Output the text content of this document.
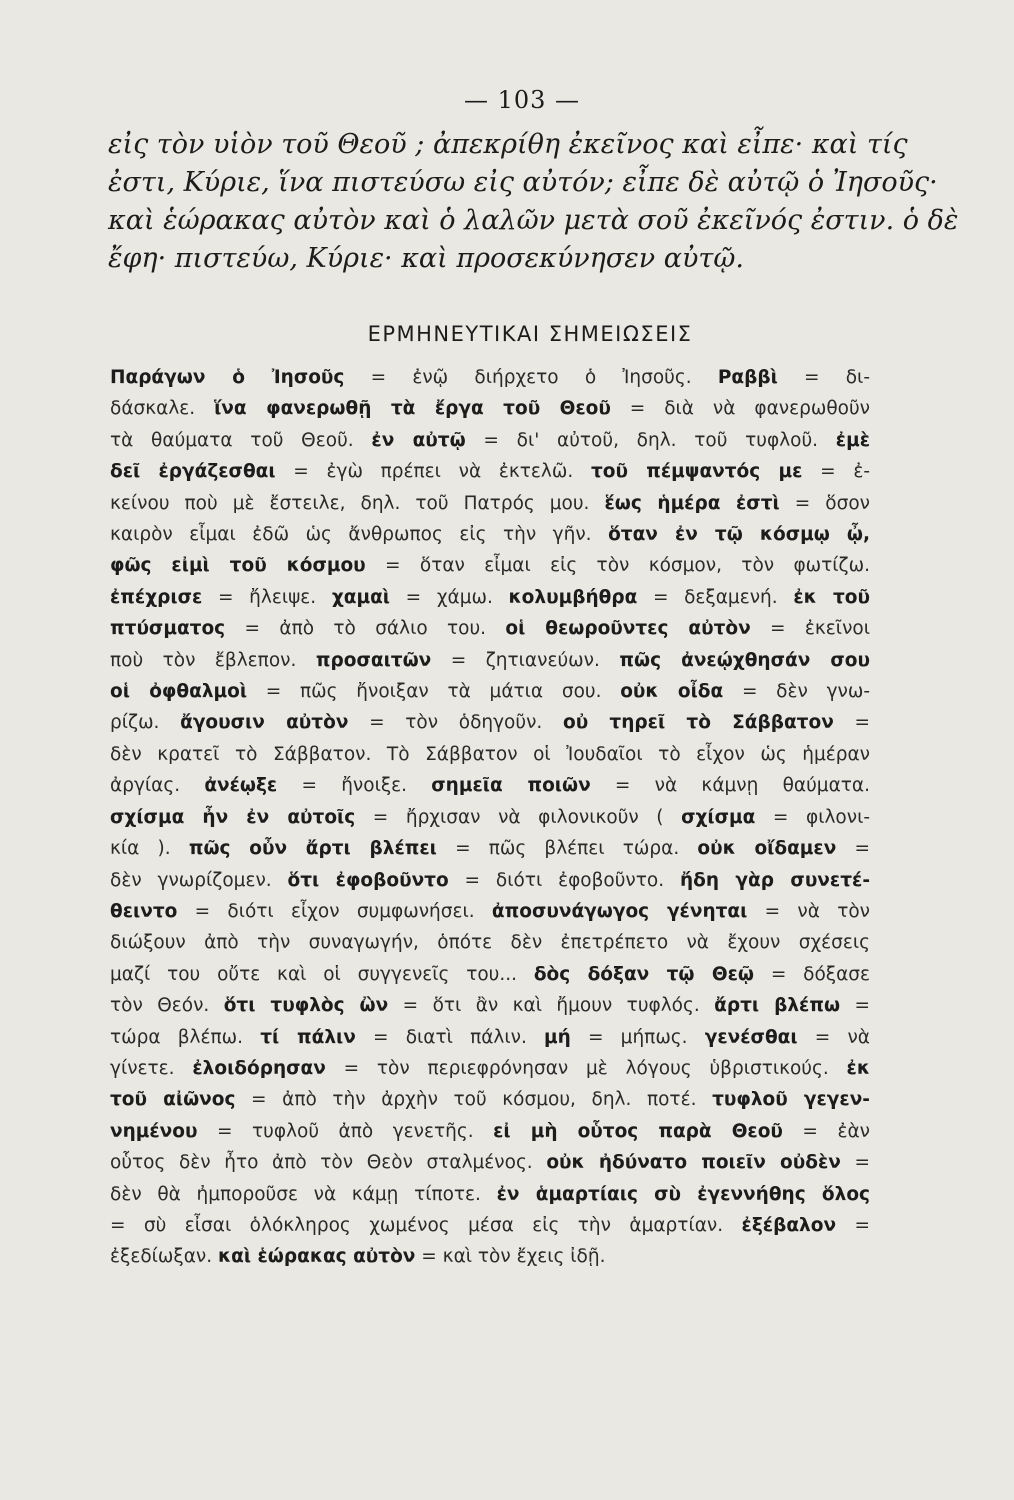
— 103 —

εἰς τὸν υἱὸν τοῦ Θεοῦ ; ἀπεκρίθη ἐκεῖνος καὶ εἶπε· καὶ τίς

ἐστι, Κύριε, ἵνα πιστεύσω εἰς αὐτόν; εἶπε δὲ αὐτῷ ὁ Ἰησοῦς·

καὶ ἑώρακας αὐτὸν καὶ ὁ λαλῶν μετὰ σοῦ ἐκεῖνός ἐστιν. ὁ δὲ

ἔφη· πιστεύω, Κύριε· καὶ προσεκύνησεν αὐτῷ.

ΕΡΜΗΝΕΥΤΙΚΑΙ ΣΗΜΕΙΩΣΕΙΣ

Παράγων ὁ Ἰησοῦς = ἐνῷ διήρχετο ὁ Ἰησοῦς. Ραββὶ = δι-

δάσκαλε. ἵνα φανερωθῇ τὰ ἔργα τοῦ Θεοῦ = διὰ νὰ φανερωθοῦν

τὰ θαύματα τοῦ Θεοῦ. ἐν αὐτῷ = δι' αὐτοῦ, δηλ. τοῦ τυφλοῦ. ἐμὲ

δεῖ ἐργάζεσθαι = ἐγὼ πρέπει νὰ ἐκτελῶ. τοῦ πέμψαντός με = ἐ-

κείνου ποὺ μὲ ἔστειλε, δηλ. τοῦ Πατρός μου. ἕως ἡμέρα ἐστὶ = ὅσον

καιρὸν εἶμαι ἐδῶ ὡς ἄνθρωπος εἰς τὴν γῆν. ὅταν ἐν τῷ κόσμῳ ᾦ,

φῶς εἰμὶ τοῦ κόσμου = ὅταν εἶμαι εἰς τὸν κόσμον, τὸν φωτίζω.

ἐπέχρισε = ἤλειψε. χαμαὶ = χάμω. κολυμβήθρα = δεξαμενή. ἐκ τοῦ

πτύσματος = ἀπὸ τὸ σάλιο του. οἱ θεωροῦντες αὐτὸν = ἐκεῖνοι

ποὺ τὸν ἔβλεπον. προσαιτῶν = ζητιανεύων. πῶς ἀνεῴχθησάν σου

οἱ ὀφθαλμοὶ = πῶς ἤνοιξαν τὰ μάτια σου. οὐκ οἶδα = δὲν γνω-

ρίζω. ἄγουσιν αὐτὸν = τὸν ὁδηγοῦν. οὐ τηρεῖ τὸ Σάββατον =

δὲν κρατεῖ τὸ Σάββατον. Τὸ Σάββατον οἱ Ἰουδαῖοι τὸ εἶχον ὡς ἡμέραν

ἀργίας. ἀνέῳξε = ἤνοιξε. σημεῖα ποιῶν = νὰ κάμνῃ θαύματα.

σχίσμα ἦν ἐν αὐτοῖς = ἤρχισαν νὰ φιλονικοῦν ( σχίσμα = φιλονι-

κία ). πῶς οὖν ἄρτι βλέπει = πῶς βλέπει τώρα. οὐκ οἴδαμεν =

δὲν γνωρίζομεν. ὅτι ἐφοβοῦντο = διότι ἐφοβοῦντο. ἤδη γὰρ συνετέ-

θειντο = διότι εἶχον συμφωνήσει. ἀποσυνάγωγος γένηται = νὰ τὸν

διώξουν ἀπὸ τὴν συναγωγήν, ὁπότε δὲν ἐπετρέπετο νὰ ἔχουν σχέσεις

μαζί του οὔτε καὶ οἱ συγγενεῖς του... δὸς δόξαν τῷ Θεῷ = δόξασε

τὸν Θεόν. ὅτι τυφλὸς ὢν = ὅτι ἂν καὶ ἤμουν τυφλός. ἄρτι βλέπω =

τώρα βλέπω. τί πάλιν = διατὶ πάλιν. μή = μήπως. γενέσθαι = νὰ

γίνετε. ἐλοιδόρησαν = τὸν περιεφρόνησαν μὲ λόγους ὑβριστικούς. ἐκ

τοῦ αἰῶνος = ἀπὸ τὴν ἀρχὴν τοῦ κόσμου, δηλ. ποτέ. τυφλοῦ γεγεν-

νημένου = τυφλοῦ ἀπὸ γενετῆς. εἰ μὴ οὗτος παρὰ Θεοῦ = ἐὰν

οὗτος δὲν ἦτο ἀπὸ τὸν Θεὸν σταλμένος. οὐκ ἠδύνατο ποιεῖν οὐδὲν =

δὲν θὰ ἠμποροῦσε νὰ κάμῃ τίποτε. ἐν ἁμαρτίαις σὺ ἐγεννήθης ὅλος

= σὺ εἶσαι ὁλόκληρος χωμένος μέσα εἰς τὴν ἁμαρτίαν. ἐξέβαλον =

ἐξεδίωξαν. καὶ ἑώρακας αὐτὸν = καὶ τὸν ἔχεις ἰδῇ.
